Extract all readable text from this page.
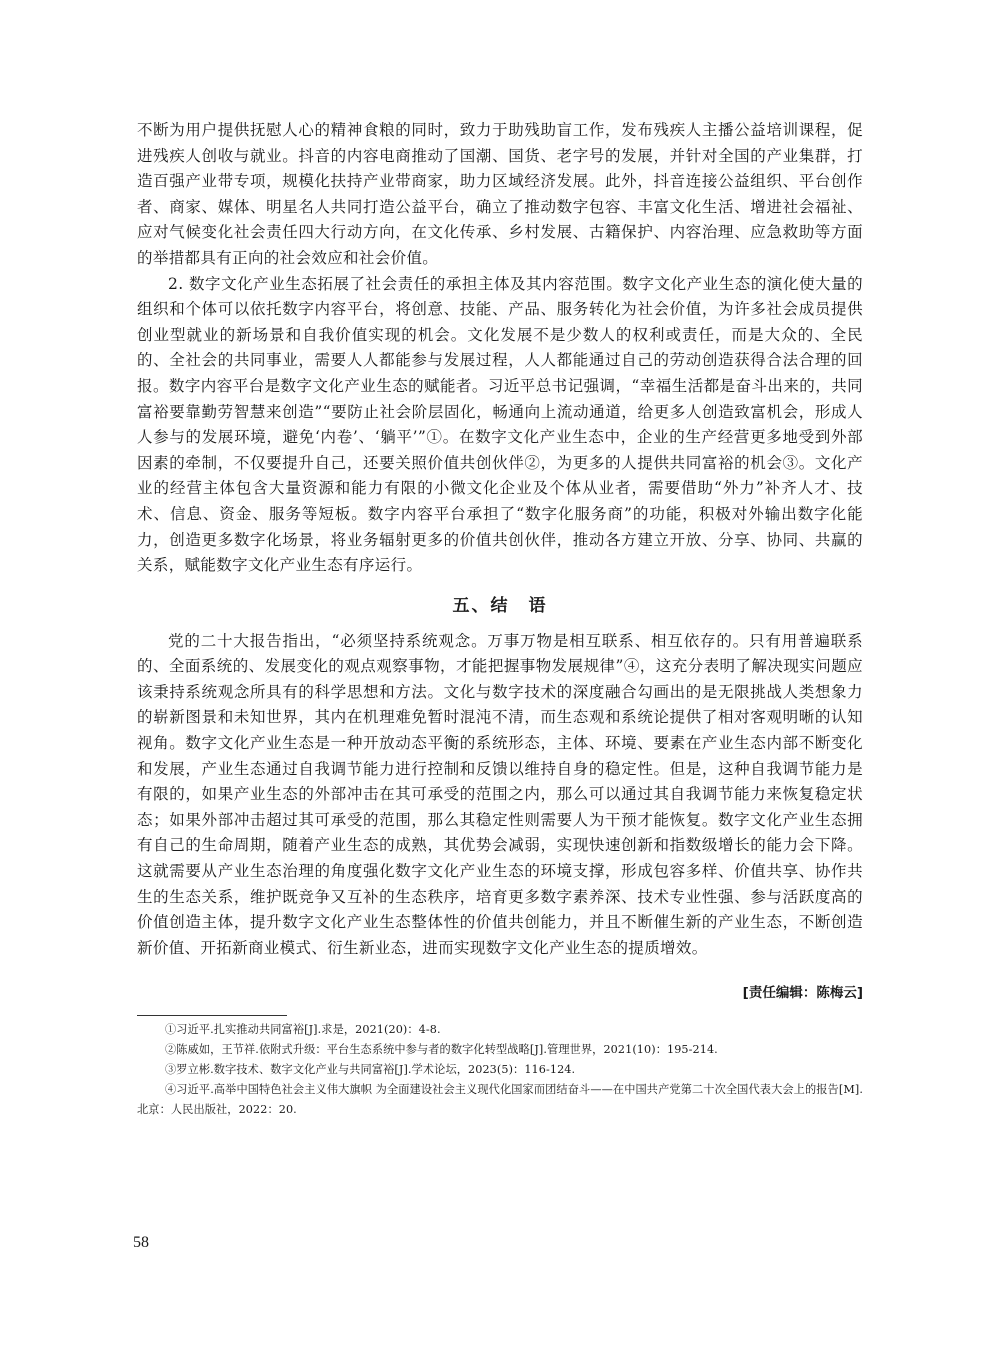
不断为用户提供抚慰人心的精神食粮的同时，致力于助残助盲工作，发布残疾人主播公益培训课程，促进残疾人创收与就业。抖音的内容电商推动了国潮、国货、老字号的发展，并针对全国的产业集群，打造百强产业带专项，规模化扶持产业带商家，助力区域经济发展。此外，抖音连接公益组织、平台创作者、商家、媒体、明星名人共同打造公益平台，确立了推动数字包容、丰富文化生活、增进社会福祉、应对气候变化社会责任四大行动方向，在文化传承、乡村发展、古籍保护、内容治理、应急救助等方面的举措都具有正向的社会效应和社会价值。

2. 数字文化产业生态拓展了社会责任的承担主体及其内容范围。数字文化产业生态的演化使大量的组织和个体可以依托数字内容平台，将创意、技能、产品、服务转化为社会价值，为许多社会成员提供创业型就业的新场景和自我价值实现的机会。文化发展不是少数人的权利或责任，而是大众的、全民的、全社会的共同事业，需要人人都能参与发展过程，人人都能通过自己的劳动创造获得合法合理的回报。数字内容平台是数字文化产业生态的赋能者。习近平总书记强调，“幸福生活都是奋斗出来的，共同富裕要靠勤劳智慧来创造”“要防止社会阶层固化，畅通向上流动通道，给更多人创造致富机会，形成人人参与的发展环境，避免‘内卷’、‘躺平’”①。在数字文化产业生态中，企业的生产经营更多地受到外部因素的牵制，不仅要提升自己，还要关照价值共创伙伴②，为更多的人提供共同富裕的机会③。文化产业的经营主体包含大量资源和能力有限的小微文化企业及个体从业者，需要借助“外力”补齐人才、技术、信息、资金、服务等短板。数字内容平台承担了“数字化服务商”的功能，积极对外输出数字化能力，创造更多数字化场景，将业务辐射更多的价值共创伙伴，推动各方建立开放、分享、协同、共赢的关系，赋能数字文化产业生态有序运行。

五、结　语

党的二十大报告指出，“必须坚持系统观念。万事万物是相互联系、相互依存的。只有用普遍联系的、全面系统的、发展变化的观点观察事物，才能把握事物发展规律”④，这充分表明了解决现实问题应该秉持系统观念所具有的科学思想和方法。文化与数字技术的深度融合勾画出的是无限挑战人类想象力的崭新图景和未知世界，其内在机理难免暂时混沌不清，而生态观和系统论提供了相对客观明晰的认知视角。数字文化产业生态是一种开放动态平衡的系统形态，主体、环境、要素在产业生态内部不断变化和发展，产业生态通过自我调节能力进行控制和反馈以维持自身的稳定性。但是，这种自我调节能力是有限的，如果产业生态的外部冲击在其可承受的范围之内，那么可以通过其自我调节能力来恢复稳定状态；如果外部冲击超过其可承受的范围，那么其稳定性则需要人为干预才能恢复。数字文化产业生态拥有自己的生命周期，随着产业生态的成熟，其优势会减弱，实现快速创新和指数级增长的能力会下降。这就需要从产业生态治理的角度强化数字文化产业生态的环境支撑，形成包容多样、价值共享、协作共生的生态关系，维护既竞争又互补的生态秩序，培育更多数字素养深、技术专业性强、参与活跃度高的价值创造主体，提升数字文化产业生态整体性的价值共创能力，并且不断催生新的产业生态，不断创造新价值、开拓新商业模式、衍生新业态，进而实现数字文化产业生态的提质增效。

[责任编辑：陈梅云]

①习近平.扎实推动共同富裕[J].求是，2021(20)：4-8.

②陈威如，王节祥.依附式升级：平台生态系统中参与者的数字化转型战略[J].管理世界，2021(10)：195-214.

③罗立彬.数字技术、数字文化产业与共同富裕[J].学术论坛，2023(5)：116-124.

④习近平.高举中国特色社会主义伟大旗帜 为全面建设社会主义现代化国家而团结奋斗——在中国共产党第二十次全国代表大会上的报告[M].北京：人民出版社，2022：20.

58
